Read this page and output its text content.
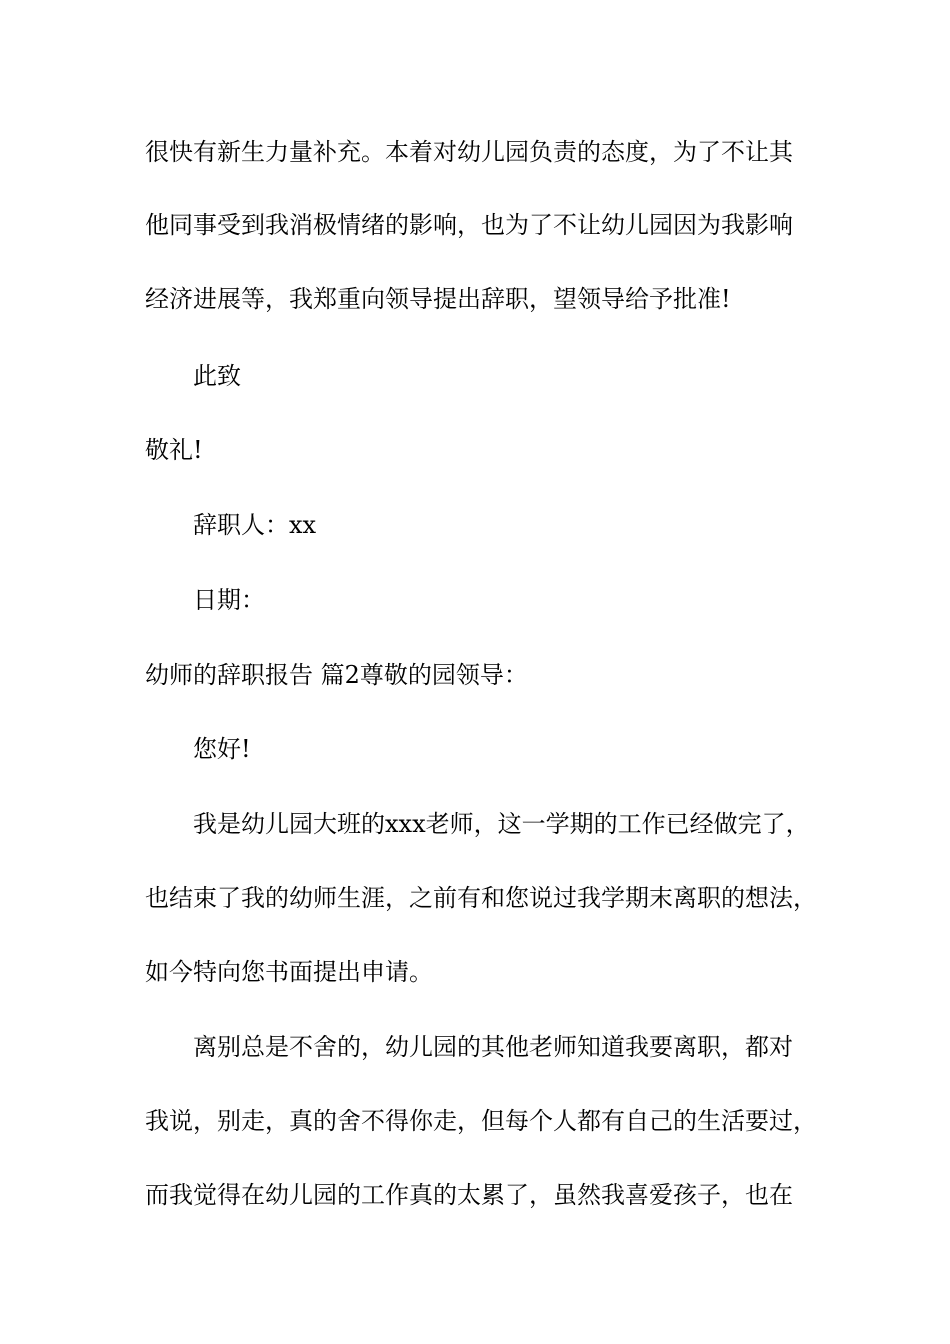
很快有新生力量补充。本着对幼儿园负责的态度，为了不让其
他同事受到我消极情绪的影响，也为了不让幼儿园因为我影响
经济进展等，我郑重向领导提出辞职，望领导给予批准!
此致
敬礼!
辞职人：xx
日期：
幼师的辞职报告 篇2尊敬的园领导：
您好!
我是幼儿园大班的xxx老师，这一学期的工作已经做完了，
也结束了我的幼师生涯，之前有和您说过我学期末离职的想法，
如今特向您书面提出申请。
离别总是不舍的，幼儿园的其他老师知道我要离职，都对
我说，别走，真的舍不得你走，但每个人都有自己的生活要过，
而我觉得在幼儿园的工作真的太累了，虽然我喜爱孩子，也在
